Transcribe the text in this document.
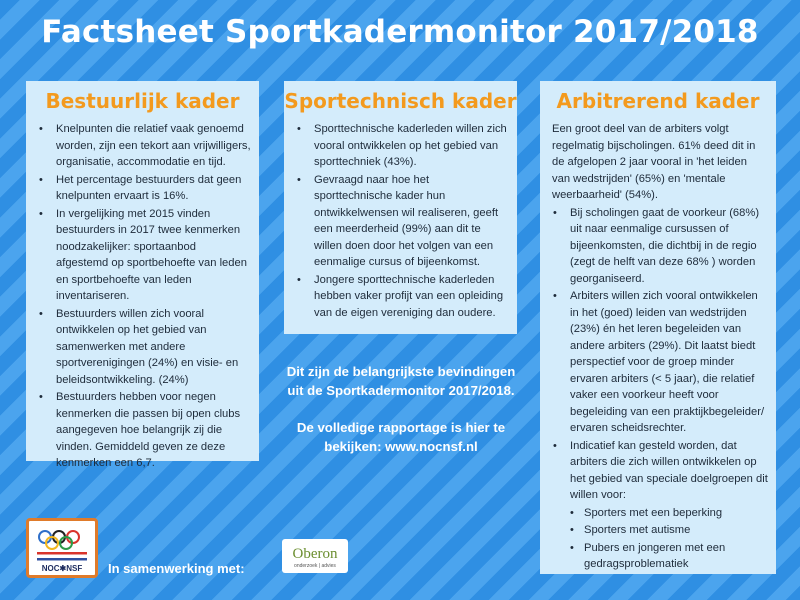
Factsheet Sportkadermonitor 2017/2018
Bestuurlijk kader
• Knelpunten die relatief vaak genoemd worden, zijn een tekort aan vrijwilligers, organisatie, accommodatie en tijd.
• Het percentage bestuurders dat geen knelpunten ervaart is 16%.
• In vergelijking met 2015 vinden bestuurders in 2017 twee kenmerken noodzakelijker: sportaanbod afgestemd op sportbehoefte van leden en sportbehoefte van leden inventariseren.
• Bestuurders willen zich vooral ontwikkelen op het gebied van samenwerken met andere sportverenigingen (24%) en visie- en beleidsontwikkeling. (24%)
• Bestuurders hebben voor negen kenmerken die passen bij open clubs aangegeven hoe belangrijk zij die vinden. Gemiddeld geven ze deze kenmerken een 6,7.
Sportechnisch kader
• Sporttechnische kaderleden willen zich vooral ontwikkelen op het gebied van sporttechniek (43%).
• Gevraagd naar hoe het sporttechnische kader hun ontwikkelwensen wil realiseren, geeft een meerderheid (99%) aan dit te willen doen door het volgen van een eenmalige cursus of bijeenkomst.
• Jongere sporttechnische kaderleden hebben vaker profijt van een opleiding van de eigen vereniging dan oudere.
Arbitrerend kader

Een groot deel van de arbiters volgt regelmatig bijscholingen. 61% deed dit in de afgelopen 2 jaar vooral in 'het leiden van wedstrijden' (65%) en 'mentale weerbaarheid' (54%).

• Bij scholingen gaat de voorkeur (68%) uit naar eenmalige cursussen of bijeenkomsten, die dichtbij in de regio (zegt de helft van deze 68% ) worden georganiseerd.
• Arbiters willen zich vooral ontwikkelen in het (goed) leiden van wedstrijden (23%) én het leren begeleiden van andere arbiters (29%). Dit laatst biedt perspectief voor de groep minder ervaren arbiters (< 5 jaar), die relatief vaker een voorkeur heeft voor begeleiding van een praktijkbegeleider/ ervaren scheidsrechter.
• Indicatief kan gesteld worden, dat arbiters die zich willen ontwikkelen op het gebied van speciale doelgroepen dit willen voor:
• Sporters met een beperking
• Sporters met autisme
• Pubers en jongeren met een gedragsproblematiek
Dit zijn de belangrijkste bevindingen uit de Sportkadermonitor 2017/2018.
De volledige rapportage is hier te bekijken: www.nocnsf.nl
NOC✱NSF In samenwerking met:
Oberon
onderzoek | advies
